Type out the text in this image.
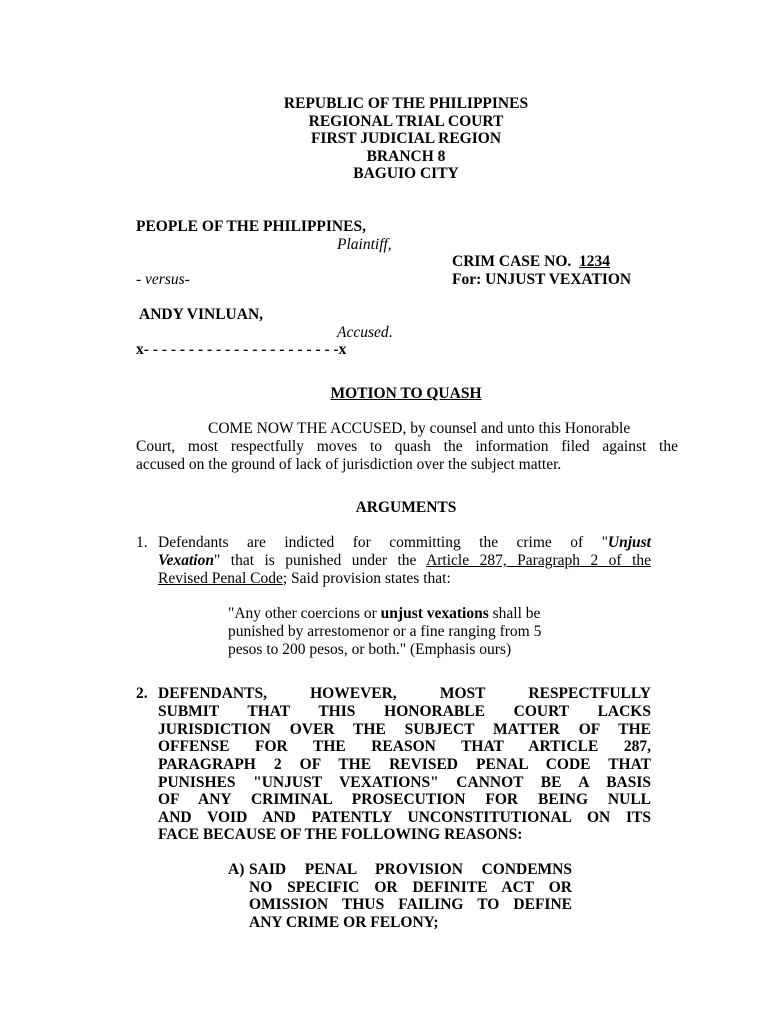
REPUBLIC OF THE PHILIPPINES
REGIONAL TRIAL COURT
FIRST JUDICIAL REGION
BRANCH 8
BAGUIO CITY
PEOPLE OF THE PHILIPPINES,
Plaintiff,
CRIM CASE NO. 1234
- versus-	For: UNJUST VEXATION
ANDY VINLUAN,
Accused.
x- - - - - - - - - - - - - - - - - - - - - -x
MOTION TO QUASH
COME NOW THE ACCUSED, by counsel and unto this Honorable
Court, most respectfully moves to quash the information filed against the
accused on the ground of lack of jurisdiction over the subject matter.
ARGUMENTS
1. Defendants are indicted for committing the crime of "Unjust
Vexation" that is punished under the Article 287, Paragraph 2 of the
Revised Penal Code; Said provision states that:
"Any other coercions or unjust vexations shall be
punished by arrestomenor or a fine ranging from 5
pesos to 200 pesos, or both." (Emphasis ours)
2. DEFENDANTS, HOWEVER, MOST RESPECTFULLY
SUBMIT THAT THIS HONORABLE COURT LACKS
JURISDICTION OVER THE SUBJECT MATTER OF THE
OFFENSE FOR THE REASON THAT ARTICLE 287,
PARAGRAPH 2 OF THE REVISED PENAL CODE THAT
PUNISHES "UNJUST VEXATIONS" CANNOT BE A BASIS
OF ANY CRIMINAL PROSECUTION FOR BEING NULL
AND VOID AND PATENTLY UNCONSTITUTIONAL ON ITS
FACE BECAUSE OF THE FOLLOWING REASONS:
A) SAID PENAL PROVISION CONDEMNS
NO SPECIFIC OR DEFINITE ACT OR
OMISSION THUS FAILING TO DEFINE
ANY CRIME OR FELONY;
